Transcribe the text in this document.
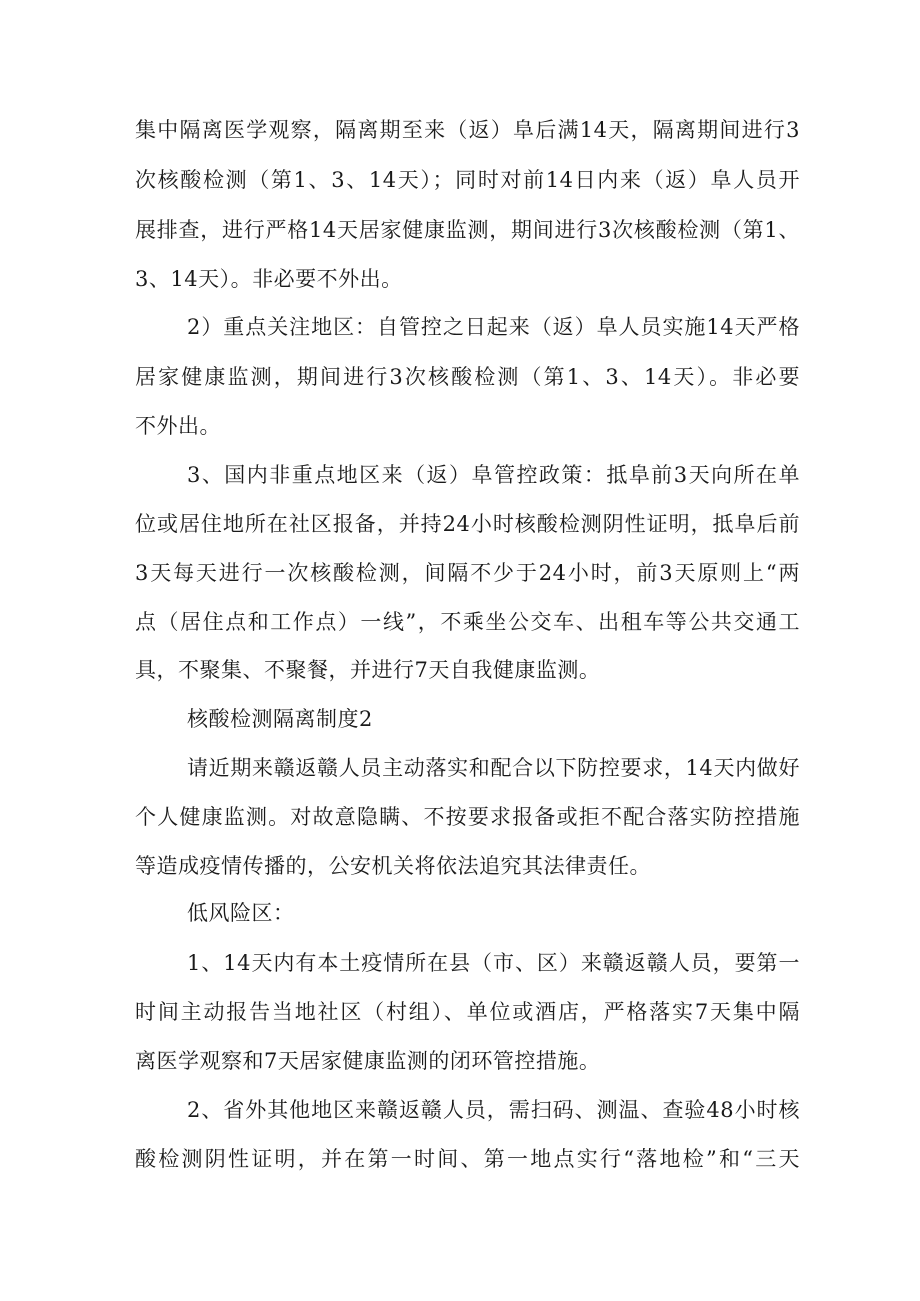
集中隔离医学观察，隔离期至来（返）阜后满14天，隔离期间进行3
次核酸检测（第1、3、14天）；同时对前14日内来（返）阜人员开
展排查，进行严格14天居家健康监测，期间进行3次核酸检测（第1、
3、14天）。非必要不外出。
2）重点关注地区：自管控之日起来（返）阜人员实施14天严格
居家健康监测，期间进行3次核酸检测（第1、3、14天）。非必要
不外出。
3、国内非重点地区来（返）阜管控政策：抵阜前3天向所在单
位或居住地所在社区报备，并持24小时核酸检测阴性证明，抵阜后前
3天每天进行一次核酸检测，间隔不少于24小时，前3天原则上“两
点（居住点和工作点）一线”，不乘坐公交车、出租车等公共交通工
具，不聚集、不聚餐，并进行7天自我健康监测。
核酸检测隔离制度2
请近期来赣返赣人员主动落实和配合以下防控要求，14天内做好
个人健康监测。对故意隐瞒、不按要求报备或拒不配合落实防控措施
等造成疫情传播的，公安机关将依法追究其法律责任。
低风险区：
1、14天内有本土疫情所在县（市、区）来赣返赣人员，要第一
时间主动报告当地社区（村组）、单位或酒店，严格落实7天集中隔
离医学观察和7天居家健康监测的闭环管控措施。
2、省外其他地区来赣返赣人员，需扫码、测温、查验48小时核
酸检测阴性证明，并在第一时间、第一地点实行“落地检”和“三天
